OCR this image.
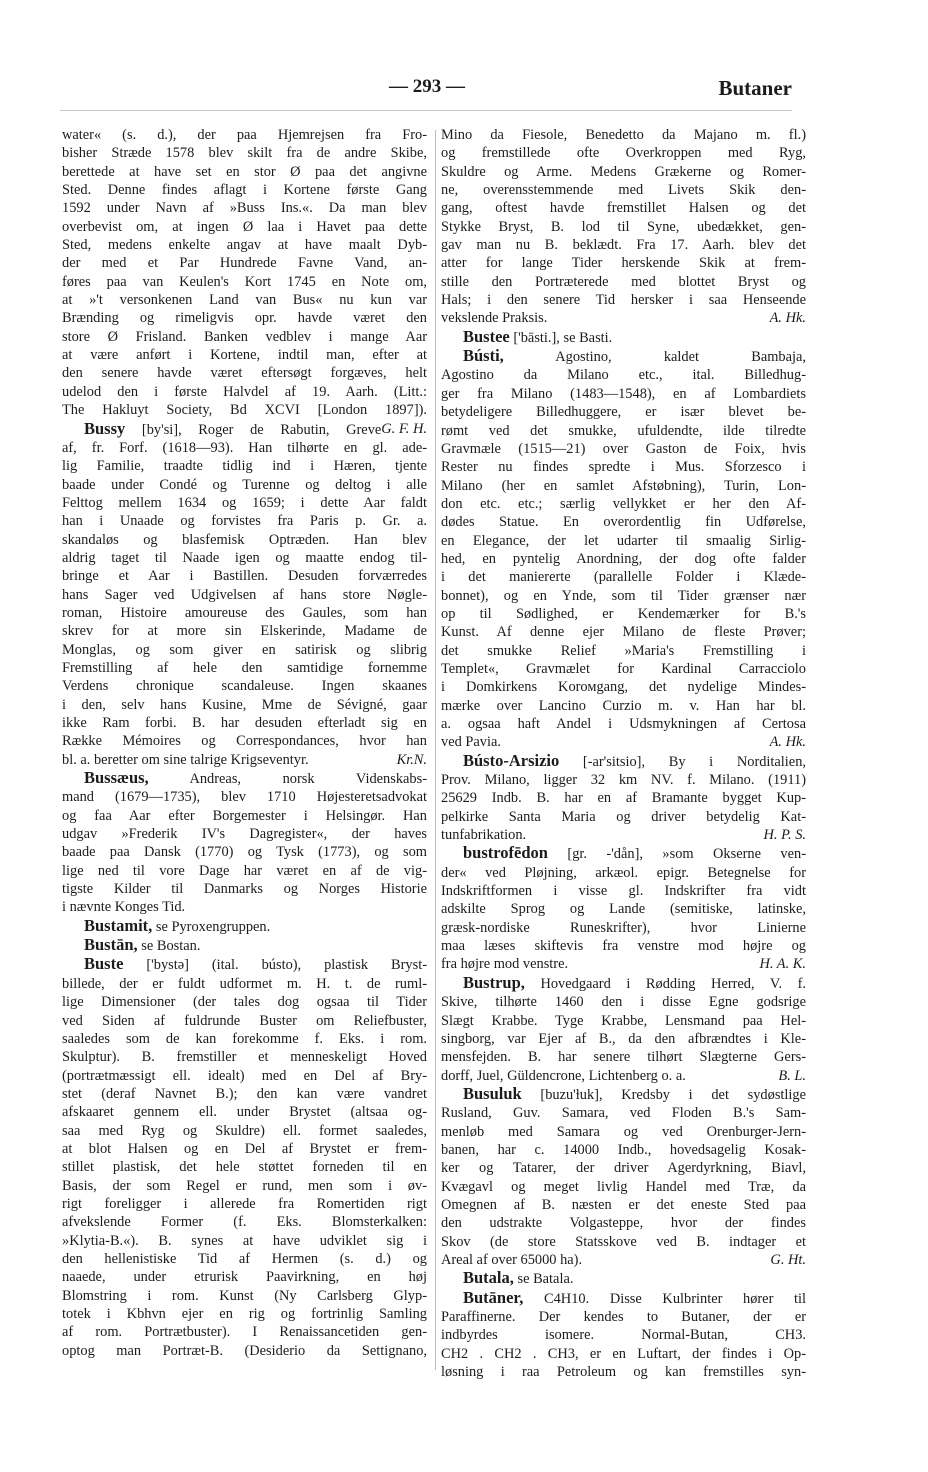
— 293 —	Butaner
water« (s. d.), der paa Hjemrejsen fra Fro-
bisher Stræde 1578 blev skilt fra de andre Skibe,
berettede at have set en stor Ø paa det angivne
Sted. Denne findes aflagt i Kortene første Gang
1592 under Navn af »Buss Ins.«. Da man blev
overbevist om, at ingen Ø laa i Havet paa dette
Sted, medens enkelte angav at have maalt Dyb-
der med et Par Hundrede Favne Vand, an-
føres paa van Keulen's Kort 1745 en Note om,
at »'t versonkenen Land van Bus« nu kun var
Brænding og rimeligvis opr. havde været den
store Ø Frisland. Banken vedblev i mange Aar
at være anført i Kortene, indtil man, efter at
den senere havde været eftersøgt forgæves, helt
udelod den i første Halvdel af 19. Aarh. (Litt.:
The Hakluyt Society, Bd XCVI [London 1897]).
G. F. H.
Bussy [by'si], Roger de Rabutin, Greve
af, fr. Forf. (1618—93). Han tilhørte en gl. ade-
lig Familie, traadte tidlig ind i Hæren, tjente
baade under Condé og Turenne og deltog i alle
Felttog mellem 1634 og 1659; i dette Aar faldt
han i Unaade og forvistes fra Paris p. Gr. a.
skandaløs og blasfemisk Optræden. Han blev
aldrig taget til Naade igen og maatte endog til-
bringe et Aar i Bastillen. Desuden forværredes
hans Sager ved Udgivelsen af hans store Nøgle-
roman, Histoire amoureuse des Gaules, som han
skrev for at more sin Elskerinde, Madame de
Monglas, og som giver en satirisk og slibrig
Fremstilling af hele den samtidige fornemme
Verdens chronique scandaleuse. Ingen skaanes
i den, selv hans Kusine, Mme de Sévigné, gaar
ikke Ram forbi. B. har desuden efterladt sig en
Række Mémoires og Correspondances, hvor han
bl. a. beretter om sine talrige Krigseventyr.	Kr.N.
Bussæus, Andreas, norsk Videnskabs-
mand (1679—1735), blev 1710 Højesteretsadvokat
og faa Aar efter Borgemester i Helsingør. Han
udgav »Frederik IV's Dagregister«, der haves
baade paa Dansk (1770) og Tysk (1773), og som
lige ned til vore Dage har været en af de vig-
tigste Kilder til Danmarks og Norges Historie
i nævnte Konges Tid.
Bustamit, se Pyroxengruppen.
Bustān, se Bostan.
Buste ['bystə] (ital. bústo), plastisk Bryst-
billede, der er fuldt udformet m. H. t. de ruml-
lige Dimensioner (der tales dog ogsaa til Tider
ved Siden af fuldrunde Buster om Reliefbuster,
saaledes som de kan forekomme f. Eks. i rom.
Skulptur). B. fremstiller et menneskeligt Hoved
(portrætmæssigt ell. idealt) med en Del af Bry-
stet (deraf Navnet B.); den kan være vandret
afskaaret gennem ell. under Brystet (altsaa og-
saa med Ryg og Skuldre) ell. formet saaledes,
at blot Halsen og en Del af Brystet er frem-
stillet plastisk, det hele støttet forneden til en
Basis, der som Regel er rund, men som i øv-
rigt foreligger i allerede fra Romertiden rigt
afvekslende Former (f. Eks. Blomsterkalken:
»Klytia-B.«). B. synes at have udviklet sig i
den hellenistiske Tid af Hermen (s. d.) og
naaede, under etrurisk Paavirkning, en høj
Blomstring i rom. Kunst (Ny Carlsberg Glyp-
totek i Kbhvn ejer en rig og fortrinlig Samling
af rom. Portrætbuster). I Renaissancetiden gen-
optog man Portræt-B. (Desiderio da Settignano,
Mino da Fiesole, Benedetto da Majano m. fl.)
og fremstillede ofte Overkroppen med Ryg,
Skuldre og Arme. Medens Grækerne og Romer-
ne, overensstemmende med Livets Skik den-
gang, oftest havde fremstillet Halsen og det
Stykke Bryst, B. lod til Syne, ubedækket, gen-
gav man nu B. beklædt. Fra 17. Aarh. blev det
atter for lange Tider herskende Skik at frem-
stille den Portræterede med blottet Bryst og
Hals; i den senere Tid hersker i saa Henseende
vekslende Praksis.	A. Hk.
Bustee ['bāsti.], se Basti.
Bústi, Agostino, kaldet Bambaja,
Agostino da Milano etc., ital. Billedhug-
ger fra Milano (1483—1548), en af Lombardiets
betydeligere Billedhuggere, er især blevet be-
rømt ved det smukke, ufuldendte, ilde tilredte
Gravmæle (1515—21) over Gaston de Foix, hvis
Rester nu findes spredte i Mus. Sforzesco i
Milano (her en samlet Afstøbning), Turin, Lon-
don etc. etc.; særlig vellykket er her den Af-
dødes Statue. En overordentlig fin Udførelse,
en Elegance, der let udarter til smaalig Sirlig-
hed, en pyntelig Anordning, der dog ofte falder
i det maniererte (parallelle Folder i Klæde-
bonnet), og en Ynde, som til Tider grænser nær
op til Sødlighed, er Kendemærker for B.'s
Kunst. Af denne ejer Milano de fleste Prøver;
det smukke Relief »Maria's Fremstilling i
Templet«, Gravmælet for Kardinal Carracciolo
i Domkirkens Korомgang, det nydelige Mindes-
mærke over Lancino Curzio m. v. Han har bl.
a. ogsaa haft Andel i Udsmykningen af Certosa
ved Pavia.	A. Hk.
Bústo-Arsizio [-ar'sitsio], By i Norditalien,
Prov. Milano, ligger 32 km NV. f. Milano. (1911)
25629 Indb. B. har en af Bramante bygget Kup-
pelkirke Santa Maria og driver betydelig Kat-
tunfabrikation.	H. P. S.
bustrofēdon [gr. -'dån], »som Okserne ven-
der« ved Pløjning, arkæol. epigr. Betegnelse for
Indskriftformen i visse gl. Indskrifter fra vidt
adskilte Sprog og Lande (semitiske, latinske,
græsk-nordiske Runeskrifter), hvor Linierne
maa læses skiftevis fra venstre mod højre og
fra højre mod venstre.	H. A. K.
Bustrup, Hovedgaard i Rødding Herred, V. f.
Skive, tilhørte 1460 den i disse Egne godsrige
Slægt Krabbe. Tyge Krabbe, Lensmand paa Hel-
singborg, var Ejer af B., da den afbrændtes i Kle-
mensfejden. B. har senere tilhørt Slægterne Gers-
dorff, Juel, Güldencrone, Lichtenberg o. a.	B. L.
Busuluk [buzu'ƚuk], Kredsby i det sydøstlige
Rusland, Guv. Samara, ved Floden B.'s Sam-
menløb med Samara og ved Orenburger-Jern-
banen, har c. 14000 Indb., hovedsagelig Kosak-
ker og Tatarer, der driver Agerdyrkning, Biavl,
Kvægavl og meget livlig Handel med Træ, da
Omegnen af B. næsten er det eneste Sted paa
den udstrakte Volgasteppe, hvor der findes
Skov (de store Statsskove ved B. indtager et
Areal af over 65000 ha).	G. Ht.
Butala, se Batala.
Butāner, C4H10. Disse Kulbrinter hører til
Paraffinerne. Der kendes to Butaner, der er
indbyrdes isomere. Normal-Butan, CH3.
CH2 . CH2 . CH3, er en Luftart, der findes i Op-
løsning i raa Petroleum og kan fremstilles syn-
